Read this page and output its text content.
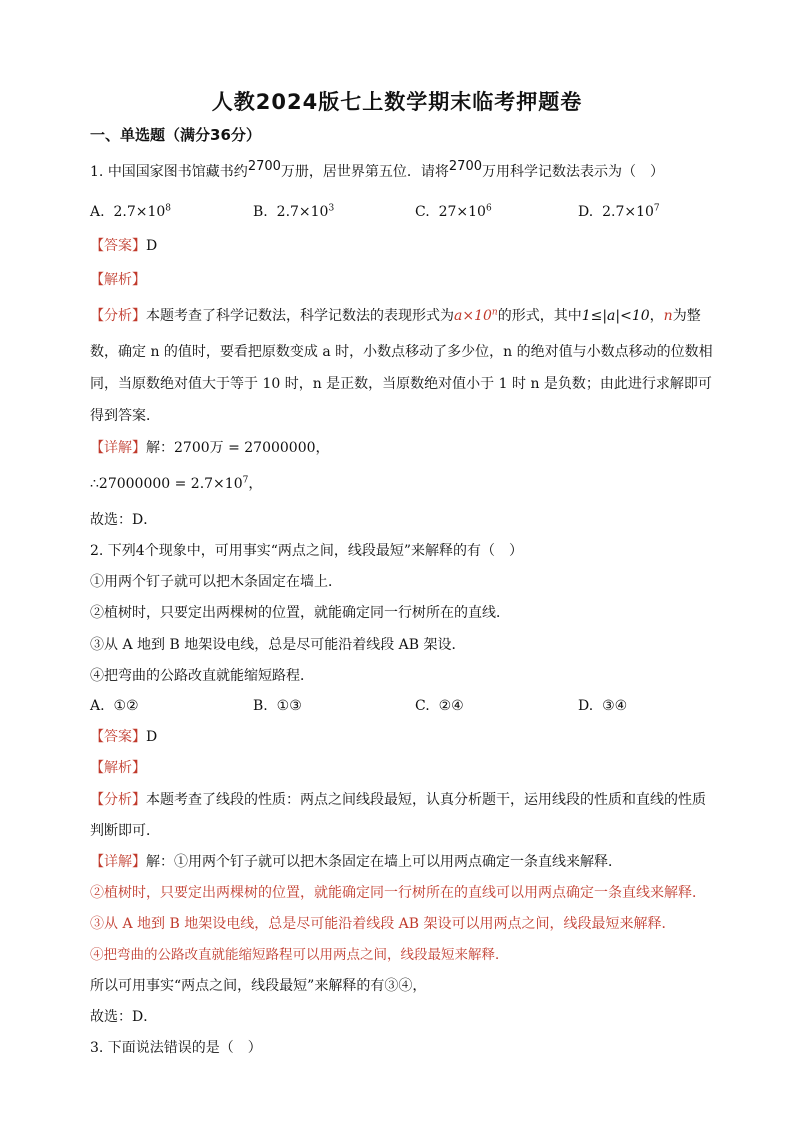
人教2024版七上数学期末临考押题卷
一、单选题（满分36分）
1. 中国国家图书馆藏书约2700万册，居世界第五位．请将2700万用科学记数法表示为（　）
A. $2.7\times 10^8$	B. $2.7\times 10^3$	C. $27\times 10^6$	D. $2.7\times 10^7$
【答案】D
【解析】
【分析】本题考查了科学记数法，科学记数法的表现形式为$a\times 10^n$的形式，其中1≤|a|<10，n为整
数，确定 n 的值时，要看把原数变成 a 时，小数点移动了多少位，n 的绝对值与小数点移动的位数相
同，当原数绝对值大于等于 10 时，n 是正数，当原数绝对值小于 1 时 n 是负数；由此进行求解即可
得到答案．
【详解】解：2700万 = 27000000，
∴27000000 = $2.7\times 10^7$，
故选：D．
2. 下列4个现象中，可用事实“两点之间，线段最短”来解释的有（　）
①用两个钉子就可以把木条固定在墙上．
②植树时，只要定出两棵树的位置，就能确定同一行树所在的直线．
③从 A 地到 B 地架设电线，总是尽可能沿着线段 AB 架设．
④把弯曲的公路改直就能缩短路程．
A. ①②	B. ①③	C. ②④	D. ③④
【答案】D
【解析】
【分析】本题考查了线段的性质：两点之间线段最短，认真分析题干，运用线段的性质和直线的性质
判断即可．
【详解】解：①用两个钉子就可以把木条固定在墙上可以用两点确定一条直线来解释．
②植树时，只要定出两棵树的位置，就能确定同一行树所在的直线可以用两点确定一条直线来解释．
③从 A 地到 B 地架设电线，总是尽可能沿着线段 AB 架设可以用两点之间，线段最短来解释．
④把弯曲的公路改直就能缩短路程可以用两点之间，线段最短来解释．
所以可用事实“两点之间，线段最短”来解释的有③④，
故选：D．
3. 下面说法错误的是（　）
